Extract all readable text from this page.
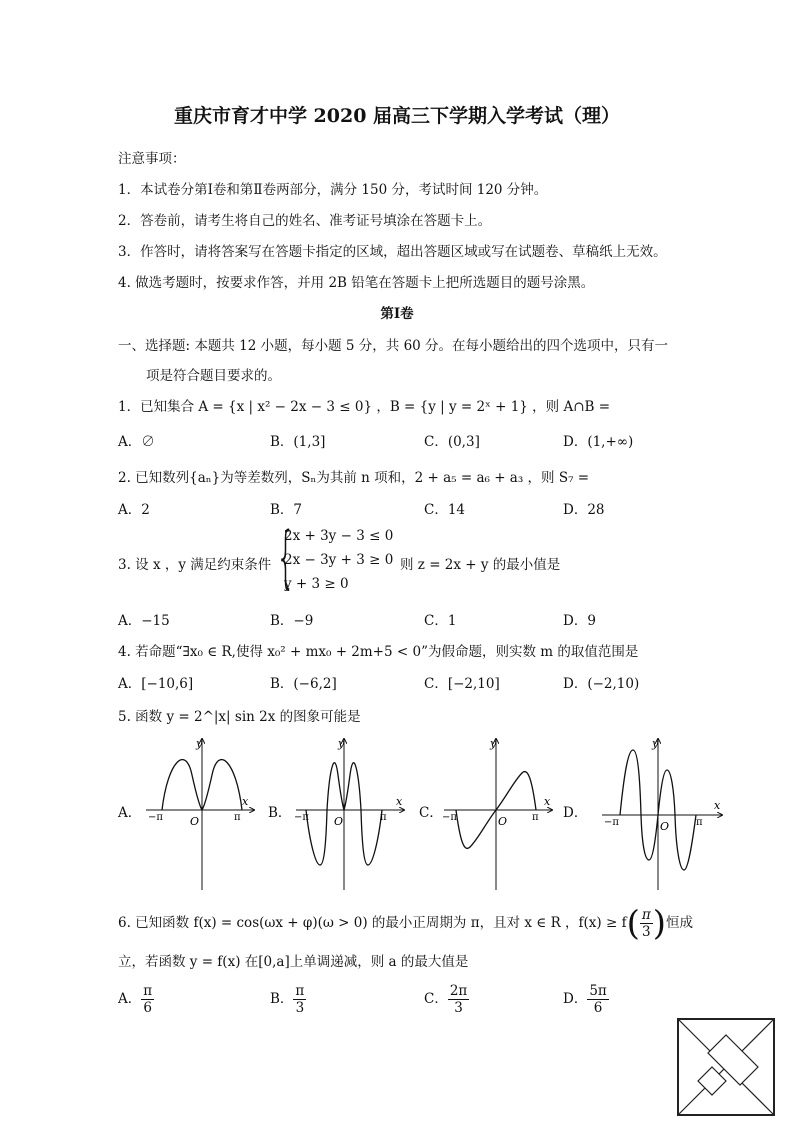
重庆市育才中学 2020 届高三下学期入学考试（理）
注意事项：
1．本试卷分第Ⅰ卷和第Ⅱ卷两部分，满分 150 分，考试时间 120 分钟。
2．答卷前，请考生将自己的姓名、准考证号填涂在答题卡上。
3．作答时，请将答案写在答题卡指定的区域，超出答题区域或写在试题卷、草稿纸上无效。
4. 做选考题时，按要求作答，并用 2B 铅笔在答题卡上把所选题目的题号涂黑。
第Ⅰ卷
一、选择题: 本题共 12 小题，每小题 5 分，共 60 分。在每小题给出的四个选项中，只有一
项是符合题目要求的。
1．已知集合 A = {x | x² − 2x − 3 ≤ 0} ，B = {y | y = 2ˣ + 1} ，则 A∩B =
A．∅	B．(1,3]	C．(0,3]	D．(1,+∞)
2. 已知数列{aₙ}为等差数列，Sₙ为其前 n 项和，2 + a₅ = a₆ + a₃ ，则 S₇ =
A．2	B．7	C．14	D．28
3. 设 x ，y 满足约束条件 {
2x + 3y − 3 ≤ 0
2x − 3y + 3 ≥ 0
y + 3 ≥ 0
则 z = 2x + y 的最小值是
A．−15	B．−9	C．1	D．9
4. 若命题“∃x₀ ∈ R,使得 x₀² + mx₀ + 2m+5 < 0”为假命题，则实数 m 的取值范围是
A．[−10,6]	B．(−6,2]	C．[−2,10]	D．(−2,10)
5. 函数 y = 2^|x| sin 2x 的图象可能是
A．	B．	C．	D．
y
x
O
−π	π
y
x
O
−π	π
y
x
O
−π	π
y
x
O
−π	π
6. 已知函数 f(x) = cos(ωx + φ)(ω > 0) 的最小正周期为 π，且对 x ∈ R ，$f(x) \ge f( \frac{\pi}{3}$ )恒成
立，若函数 y = f(x) 在[0,a]上单调递减，则 a 的最大值是
A． $\frac{\pi}{6}$	B． $\frac{\pi}{3}$	C． $\frac{2\pi}{3}$	D． $\frac{5\pi}{6}$
